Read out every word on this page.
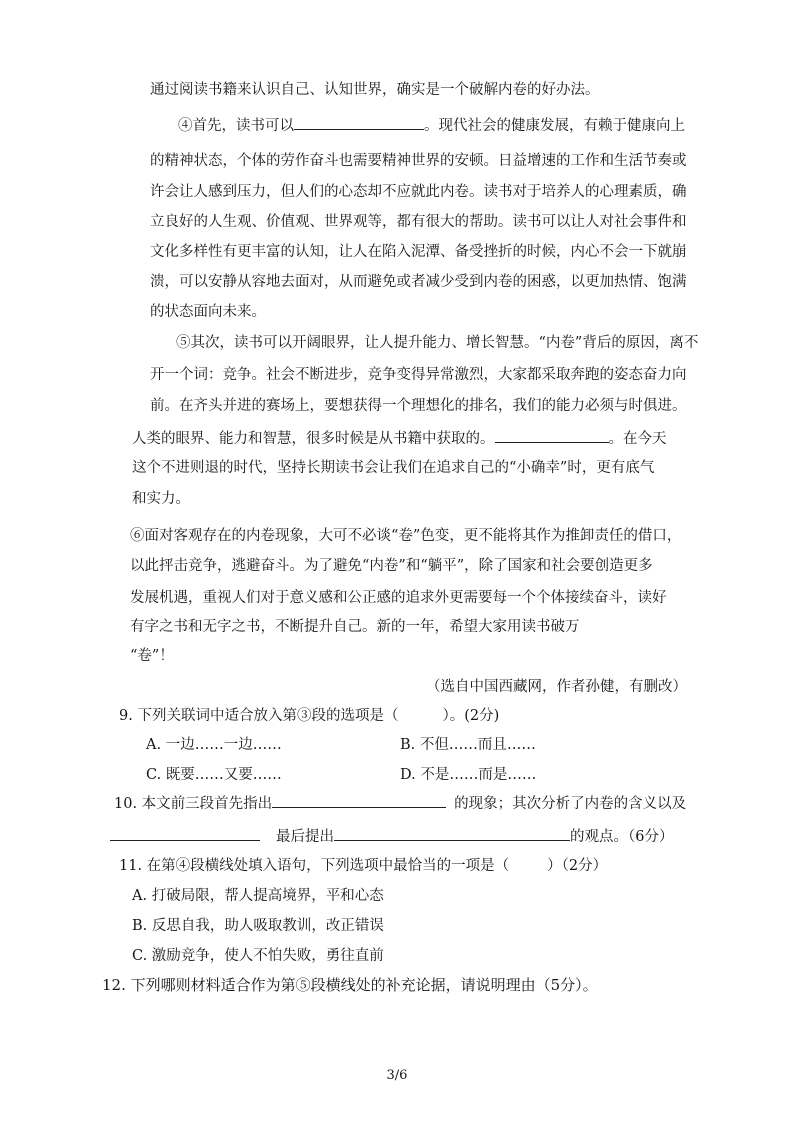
通过阅读书籍来认识自己、认知世界，确实是一个破解内卷的好办法。
④首先，读书可以	。现代社会的健康发展，有赖于健康向上
的精神状态，个体的劳作奋斗也需要精神世界的安顿。日益增速的工作和生活节奏或
许会让人感到压力，但人们的心态却不应就此内卷。读书对于培养人的心理素质，确
立良好的人生观、价值观、世界观等，都有很大的帮助。读书可以让人对社会事件和
文化多样性有更丰富的认知，让人在陷入泥潭、备受挫折的时候，内心不会一下就崩
溃，可以安静从容地去面对，从而避免或者减少受到内卷的困惑，以更加热情、饱满
的状态面向未来。
⑤其次，读书可以开阔眼界，让人提升能力、增长智慧。“内卷”背后的原因，离不
开一个词：竞争。社会不断进步，竞争变得异常激烈，大家都采取奔跑的姿态奋力向
前。在齐头并进的赛场上，要想获得一个理想化的排名，我们的能力必须与时俱进。
人类的眼界、能力和智慧，很多时候是从书籍中获取的。	。在今天
这个不进则退的时代，坚持长期读书会让我们在追求自己的“小确幸”时，更有底气
和实力。
⑥面对客观存在的内卷现象，大可不必谈“卷”色变，更不能将其作为推卸责任的借口，
以此抨击竞争，逃避奋斗。为了避免“内卷”和“躺平”，除了国家和社会要创造更多
发展机遇，重视人们对于意义感和公正感的追求外更需要每一个个体接续奋斗，读好
有字之书和无字之书，不断提升自己。新的一年，希望大家用读书破万
“卷”！
（选自中国西藏网，作者孙健，有删改）
9. 下列关联词中适合放入第③段的选项是（	）。(2分)
A. 一边……一边……	B. 不但……而且……
C. 既要……又要……	D. 不是……而是……
10. 本文前三段首先指出	的现象；其次分析了内卷的含义以及
最后提出	的观点。（6分）
11. 在第④段横线处填入语句，下列选项中最恰当的一项是（	）（2分）
A. 打破局限，帮人提高境界，平和心态
B. 反思自我，助人吸取教训，改正错误
C. 激励竞争，使人不怕失败，勇往直前
12. 下列哪则材料适合作为第⑤段横线处的补充论据，请说明理由（5分）。
3/6
